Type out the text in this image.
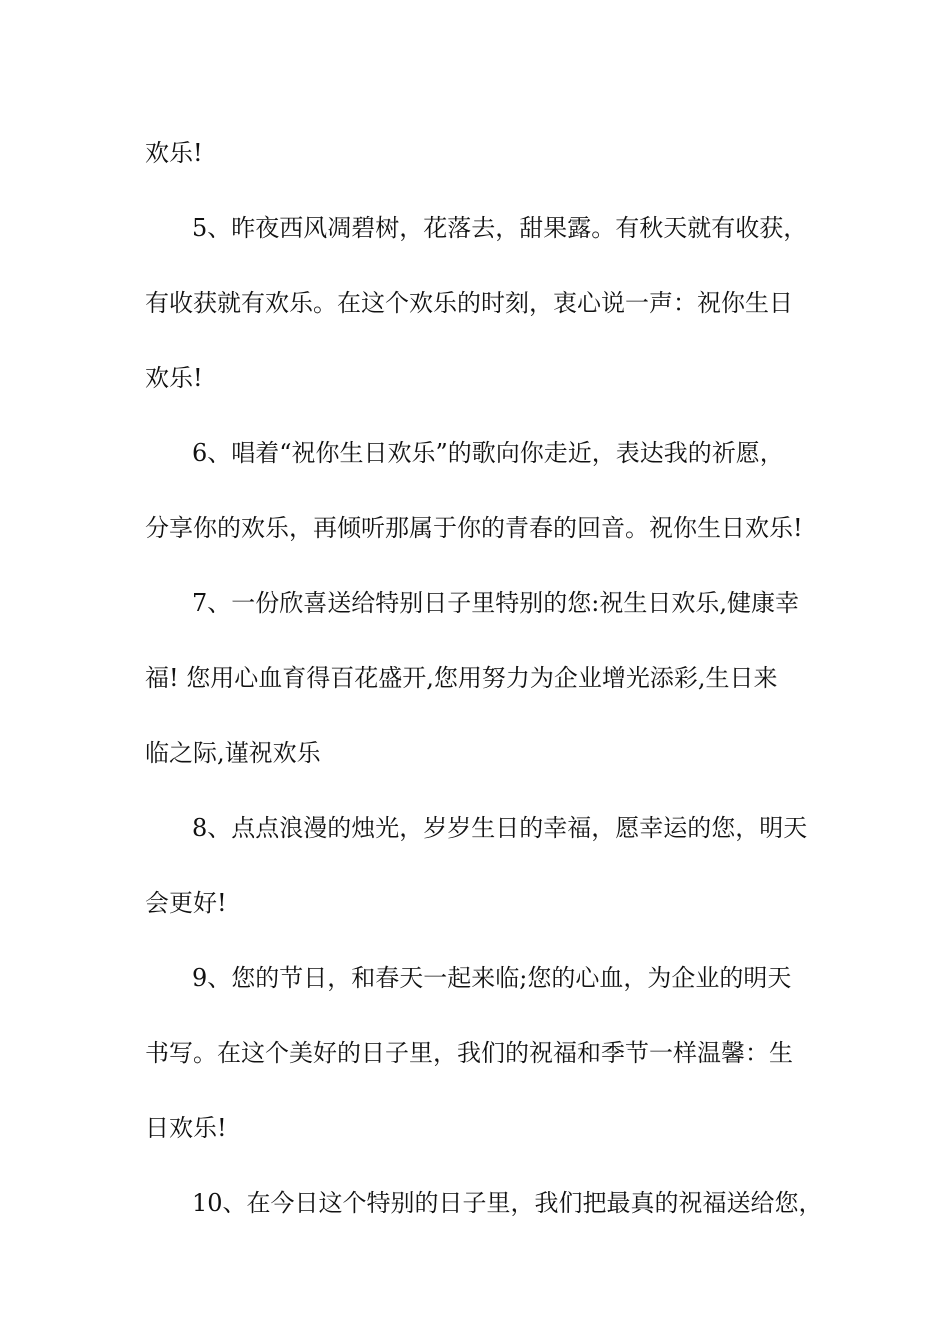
欢乐!
5、昨夜西风凋碧树，花落去，甜果露。有秋天就有收获，
有收获就有欢乐。在这个欢乐的时刻，衷心说一声：祝你生日
欢乐!
6、唱着“祝你生日欢乐”的歌向你走近，表达我的祈愿，
分享你的欢乐，再倾听那属于你的青春的回音。祝你生日欢乐!
7、一份欣喜送给特别日子里特别的您:祝生日欢乐,健康幸
福! 您用心血育得百花盛开,您用努力为企业增光添彩,生日来
临之际,谨祝欢乐
8、点点浪漫的烛光，岁岁生日的幸福，愿幸运的您，明天
会更好!
9、您的节日，和春天一起来临;您的心血，为企业的明天
书写。在这个美好的日子里，我们的祝福和季节一样温馨：生
日欢乐!
10、在今日这个特别的日子里，我们把最真的祝福送给您，
